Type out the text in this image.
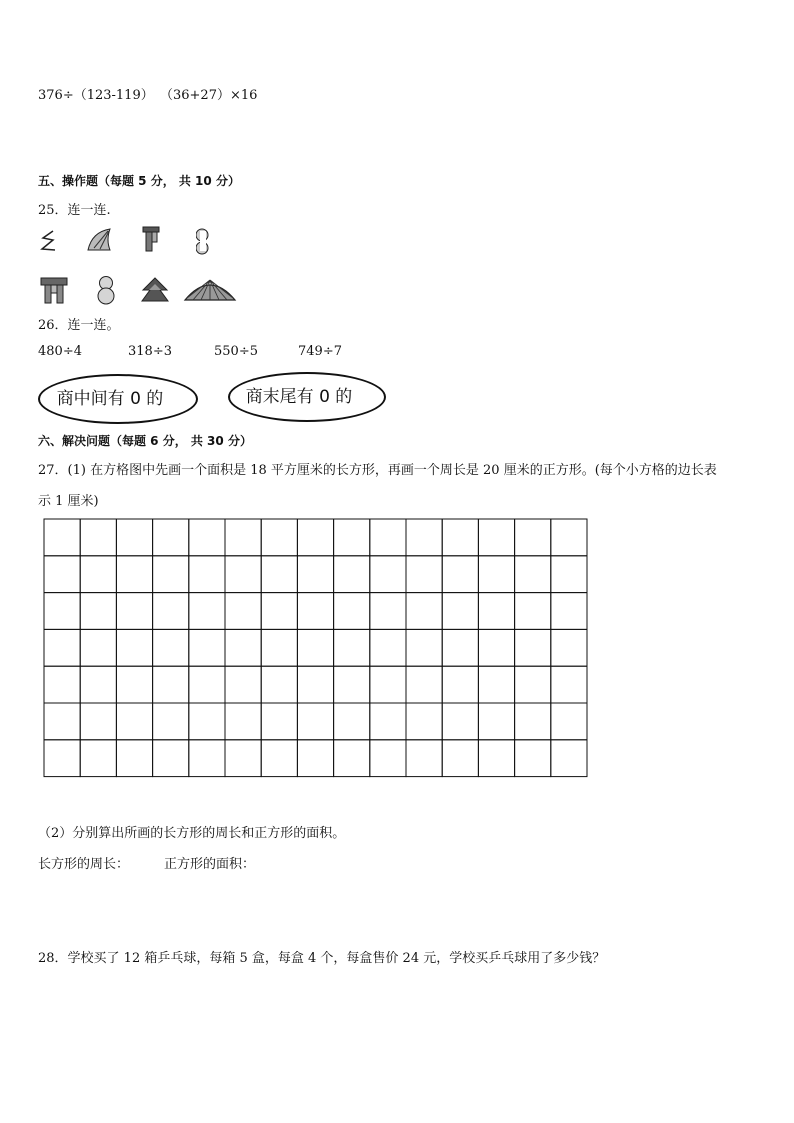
376÷（123-119） （36+27）×16
五、操作题（每题 5 分， 共 10 分）
25．连一连.
26．连一连。
480÷4	318÷3	550÷5	749÷7
商中间有 0 的	商末尾有 0 的
六、解决问题（每题 6 分， 共 30 分）
27．(1) 在方格图中先画一个面积是 18 平方厘米的长方形，再画一个周长是 20 厘米的正方形。(每个小方格的边长表
示 1 厘米)
（2）分别算出所画的长方形的周长和正方形的面积。
长方形的周长：	正方形的面积：
28．学校买了 12 箱乒乓球，每箱 5 盒，每盒 4 个，每盒售价 24 元，学校买乒乓球用了多少钱？
